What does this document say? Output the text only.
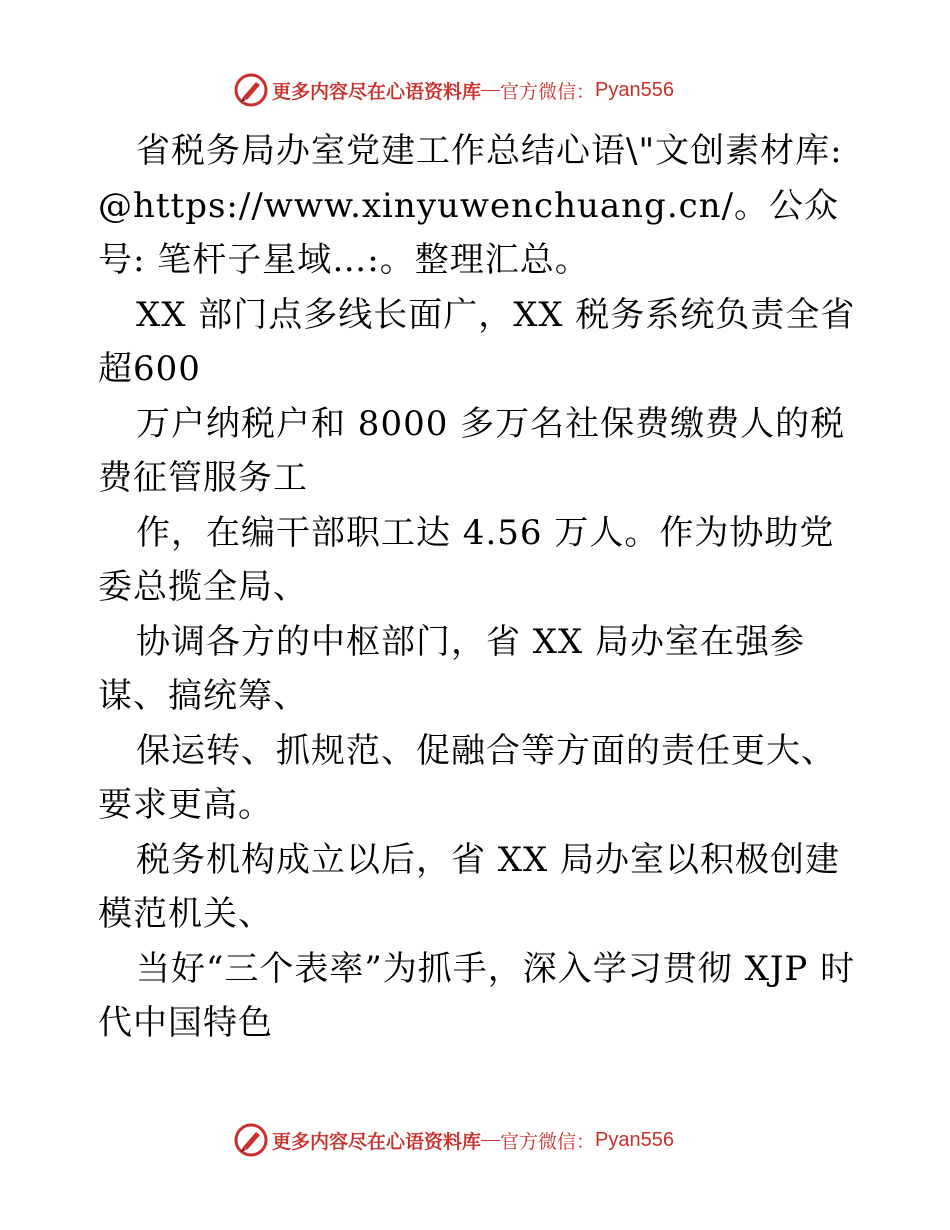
更多内容尽在心语资料库 — 官方微信： Pyan556

省税务局办室党建工作总结心语\"文创素材库:@https://www.xinyuwenchuang.cn/。公众号: 笔杆子星域…:。整理汇总。

XX 部门点多线长面广，XX 税务系统负责全省超600

万户纳税户和 8000 多万名社保费缴费人的税费征管服务工

作，在编干部职工达 4.56 万人。作为协助党委总揽全局、

协调各方的中枢部门，省 XX 局办室在强参谋、搞统筹、

保运转、抓规范、促融合等方面的责任更大、要求更高。

税务机构成立以后，省 XX 局办室以积极创建模范机关、

当好“三个表率”为抓手，深入学习贯彻 XJP 时代中国特色

更多内容尽在心语资料库 — 官方微信： Pyan556
